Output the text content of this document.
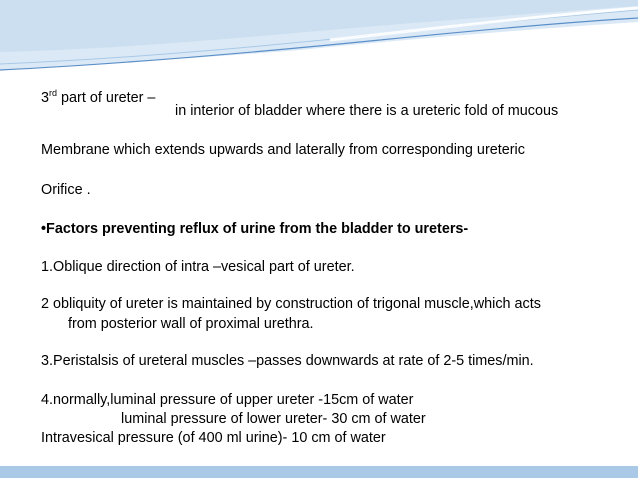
3rd part of ureter –

in interior of bladder where there is a ureteric fold of mucous

Membrane which extends upwards and laterally from corresponding ureteric

Orifice .

•Factors preventing reflux of urine from the bladder to ureters-

1.Oblique direction of intra –vesical part of ureter.

2 obliquity of ureter is maintained by construction of trigonal muscle,which acts

from posterior wall of proximal urethra.

3.Peristalsis of ureteral muscles –passes downwards at rate of 2-5 times/min.

4.normally,luminal pressure of upper ureter -15cm of water

luminal pressure of lower ureter- 30 cm of water

Intravesical pressure (of 400 ml urine)- 10 cm of water
